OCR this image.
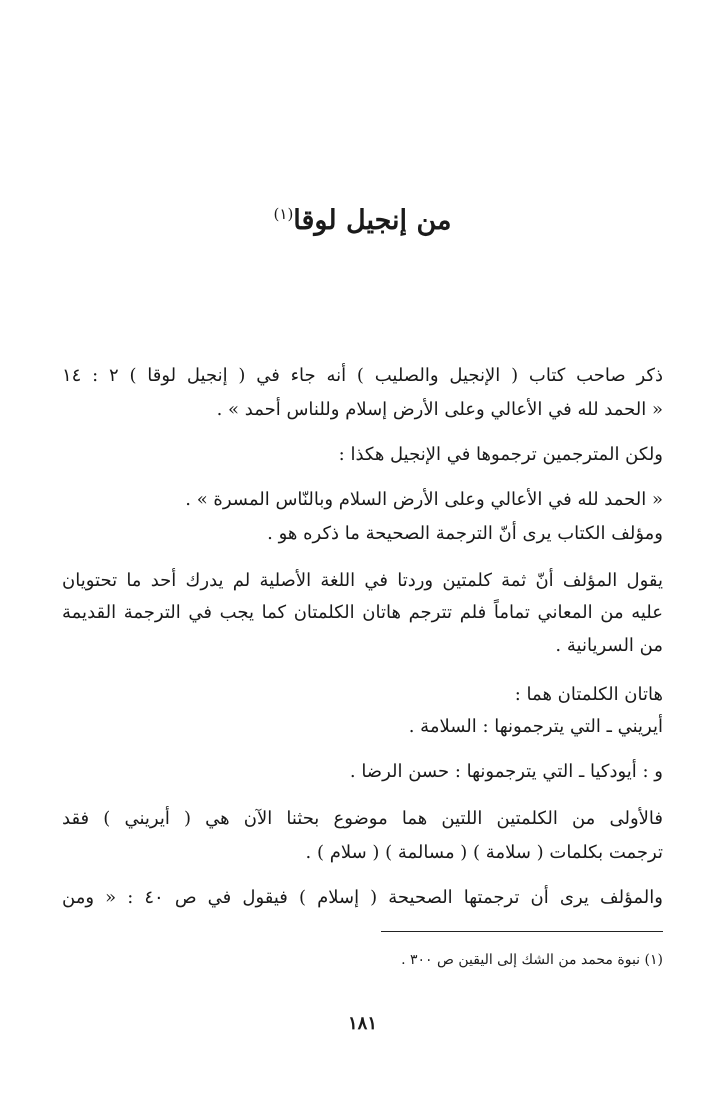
من إنجيل لوقا$^{(١)}$

ذكر صاحب كتاب ( الإنجيل والصليب ) أنه جاء في ( إنجيل لوقا ) ٢ : ١٤

« الحمد لله في الأعالي وعلى الأرض إسلام وللناس أحمد » .

ولكن المترجمين ترجموها في الإنجيل هكذا :

« الحمد لله في الأعالي وعلى الأرض السلام وبالنّاس المسرة » .

ومؤلف الكتاب يرى أنّ الترجمة الصحيحة ما ذكره هو .

يقول المؤلف أنّ ثمة كلمتين وردتا في اللغة الأصلية لم يدرك أحد ما تحتويان

عليه من المعاني تماماً فلم تترجم هاتان الكلمتان كما يجب في الترجمة القديمة

من السريانية .

هاتان الكلمتان هما :

أيريني ـ التي يترجمونها : السلامة .

و : أيودكيا ـ التي يترجمونها : حسن الرضا .

فالأولى من الكلمتين اللتين هما موضوع بحثنا الآن هي ( أيريني ) فقد

ترجمت بكلمات ( سلامة ) ( مسالمة ) ( سلام ) .

والمؤلف يرى أن ترجمتها الصحيحة ( إسلام ) فيقول في ص ٤٠ : « ومن

(١) نبوة محمد من الشك إلى اليقين ص ٣٠٠ .

١٨١
